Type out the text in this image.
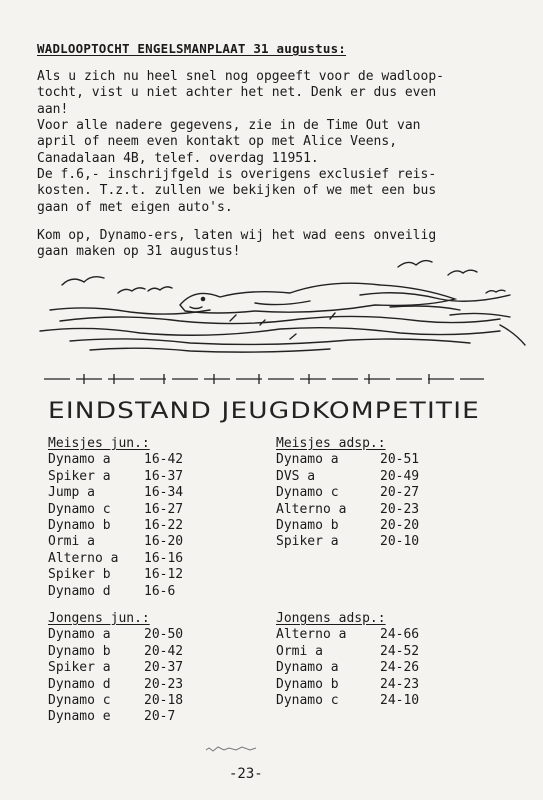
WADLOOPTOCHT ENGELSMANPLAAT 31 augustus:
Als u zich nu heel snel nog opgeeft voor de wadloop-
tocht, vist u niet achter het net. Denk er dus even
aan!
Voor alle nadere gegevens, zie in de Time Out van
april of neem even kontakt op met Alice Veens,
Canadalaan 4B, telef. overdag 11951.
De f.6,- inschrijfgeld is overigens exclusief reis-
kosten. T.z.t. zullen we bekijken of we met een bus
gaan of met eigen auto's.
Kom op, Dynamo-ers, laten wij het wad eens onveilig
gaan maken op 31 augustus!
EINDSTAND JEUGDKOMPETITIE
Meisjes jun.:
Dynamo a	16-42
Spiker a	16-37
Jump a	16-34
Dynamo c	16-27
Dynamo b	16-22
Ormi a	16-20
Alterno a	16-16
Spiker b	16-12
Dynamo d	16-6
Meisjes adsp.:
Dynamo a	20-51
DVS a	20-49
Dynamo c	20-27
Alterno a	20-23
Dynamo b	20-20
Spiker a	20-10
Jongens jun.:
Dynamo a	20-50
Dynamo b	20-42
Spiker a	20-37
Dynamo d	20-23
Dynamo c	20-18
Dynamo e	20-7
Jongens adsp.:
Alterno a	24-66
Ormi a	24-52
Dynamo a	24-26
Dynamo b	24-23
Dynamo c	24-10
-23-
